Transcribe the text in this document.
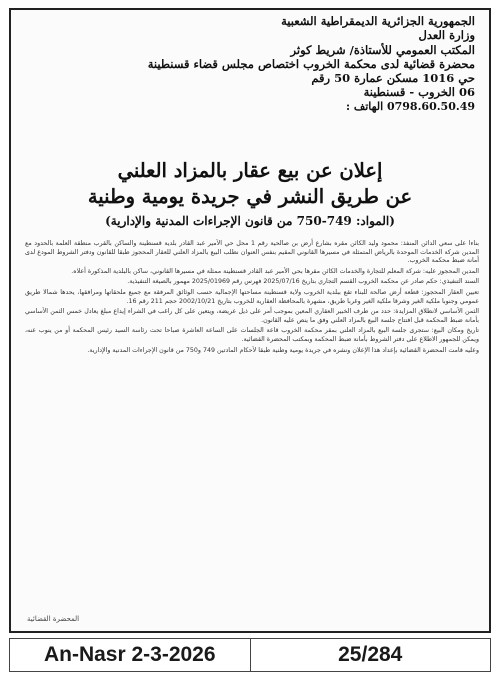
الجمهورية الجزائرية الديمقراطية الشعبية
وزارة العدل
المكتب العمومي للأستاذة/ شريط كوثر
محضرة قضائية لدى محكمة الخروب اختصاص مجلس قضاء قسنطينة
حي 1016 مسكن عمارة 50 رقم
06 الخروب - قسنطينة
0798.60.50.49 الهاتف :
إعلان عن بيع عقار بالمزاد العلني
عن طريق النشر في جريدة يومية وطنية
(المواد: 749-750 من قانون الإجراءات المدنية والإدارية)

بناءا على سعي الدائن المنفذ: محمود وليد الكائن مقره بشارع أرض بن صالحية رقم 1 محل حي الأمير عبد القادر بلدية قسنطينة والساكن بالقرب منطقة العلمة بالحدود مع المدين شركة الخدمات الموحدة بالرياض المتمثلة في مسيرها القانوني المقيم بنفس العنوان نطلب البيع بالمزاد العلني للعقار المحجوز طبقا للقانون ودفتر الشروط المودع لدى أمانة ضبط محكمة الخروب.

المدين المحجوز عليه: شركة المعلم للتجارة والخدمات الكائن مقرها بحي الأمير عبد القادر قسنطينة ممثلة في مسيرها القانوني، ساكن بالبلدية المذكورة أعلاه.

السند التنفيذي: حكم صادر عن محكمة الخروب القسم التجاري بتاريخ 2025/07/16 فهرس رقم 2025/01969 مهمور بالصيغة التنفيذية.

تعيين العقار المحجوز: قطعة أرض صالحة للبناء تقع ببلدية الخروب ولاية قسنطينة مساحتها الإجمالية حسب الوثائق المرفقة مع جميع ملحقاتها ومرافقها، يحدها شمالا طريق عمومي وجنوبا ملكية الغير وشرقا ملكية الغير وغربا طريق، مشهرة بالمحافظة العقارية للخروب بتاريخ 2002/10/21 حجم 211 رقم 16.

الثمن الأساسي لانطلاق المزايدة: حدد من طرف الخبير العقاري المعين بموجب أمر على ذيل عريضة، ويتعين على كل راغب في الشراء إيداع مبلغ يعادل خمس الثمن الأساسي بأمانة ضبط المحكمة قبل افتتاح جلسة البيع بالمزاد العلني وفق ما ينص عليه القانون.

تاريخ ومكان البيع: ستجرى جلسة البيع بالمزاد العلني بمقر محكمة الخروب قاعة الجلسات على الساعة العاشرة صباحا تحت رئاسة السيد رئيس المحكمة أو من ينوب عنه، ويمكن للجمهور الاطلاع على دفتر الشروط بأمانة ضبط المحكمة وبمكتب المحضرة القضائية.

وعليه قامت المحضرة القضائية بإعداد هذا الإعلان ونشره في جريدة يومية وطنية طبقا لأحكام المادتين 749 و750 من قانون الإجراءات المدنية والإدارية.

المحضرة القضائية
An-Nasr 2-3-2026	25/284
